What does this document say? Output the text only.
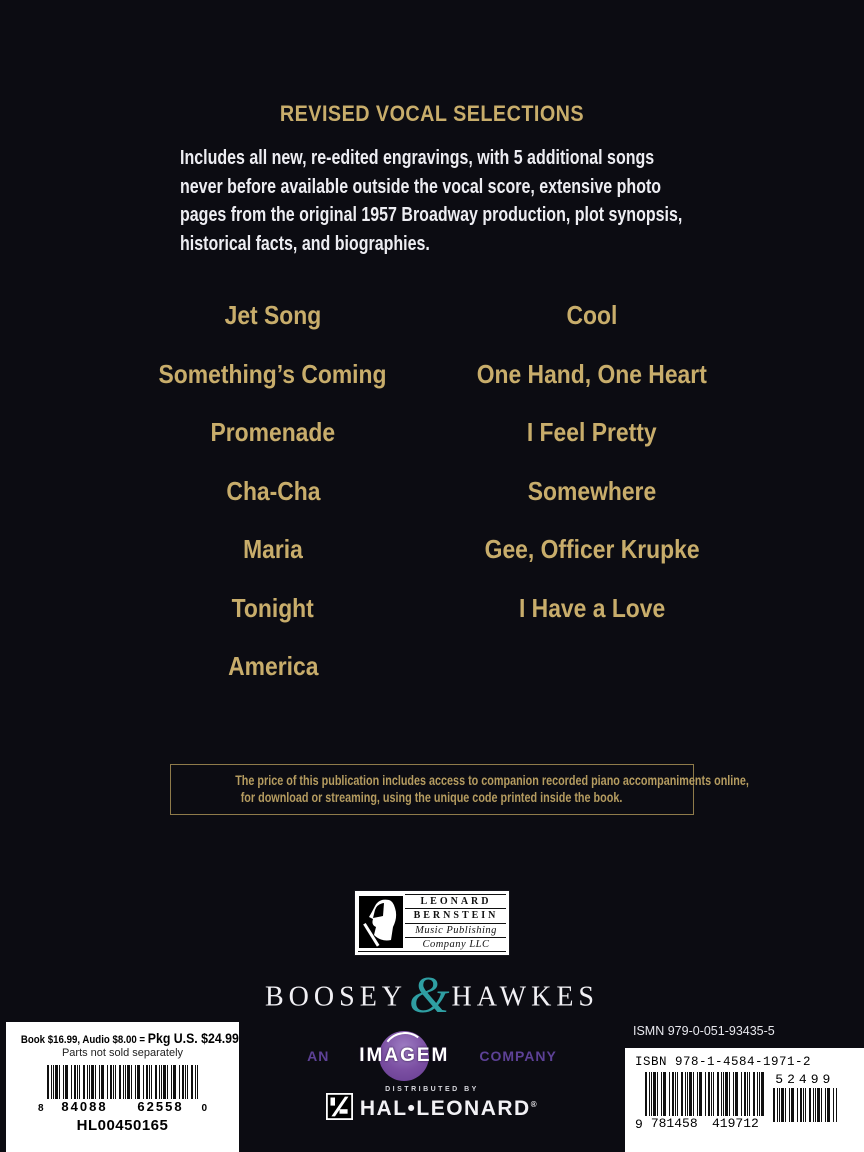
REVISED VOCAL SELECTIONS
Includes all new, re-edited engravings, with 5 additional songs
never before available outside the vocal score, extensive photo
pages from the original 1957 Broadway production, plot synopsis,
historical facts, and biographies.
Jet Song
Something’s Coming
Promenade
Cha-Cha
Maria
Tonight
America
Cool
One Hand, One Heart
I Feel Pretty
Somewhere
Gee, Officer Krupke
I Have a Love
The price of this publication includes access to companion recorded piano accompaniments online,
for download or streaming, using the unique code printed inside the book.
LEONARD
BERNSTEIN
Music Publishing
Company LLC
BOOSEY&HAWKES
AN IMAGEM COMPANY
DISTRIBUTED BY
HAL•LEONARD®
Book $16.99, Audio $8.00 = Pkg U.S. $24.99
Parts not sold separately
8 84088 62558 0
HL00450165
ISMN 979-0-051-93435-5
ISBN 978-1-4584-1971-2
9 781458 419712
52499
